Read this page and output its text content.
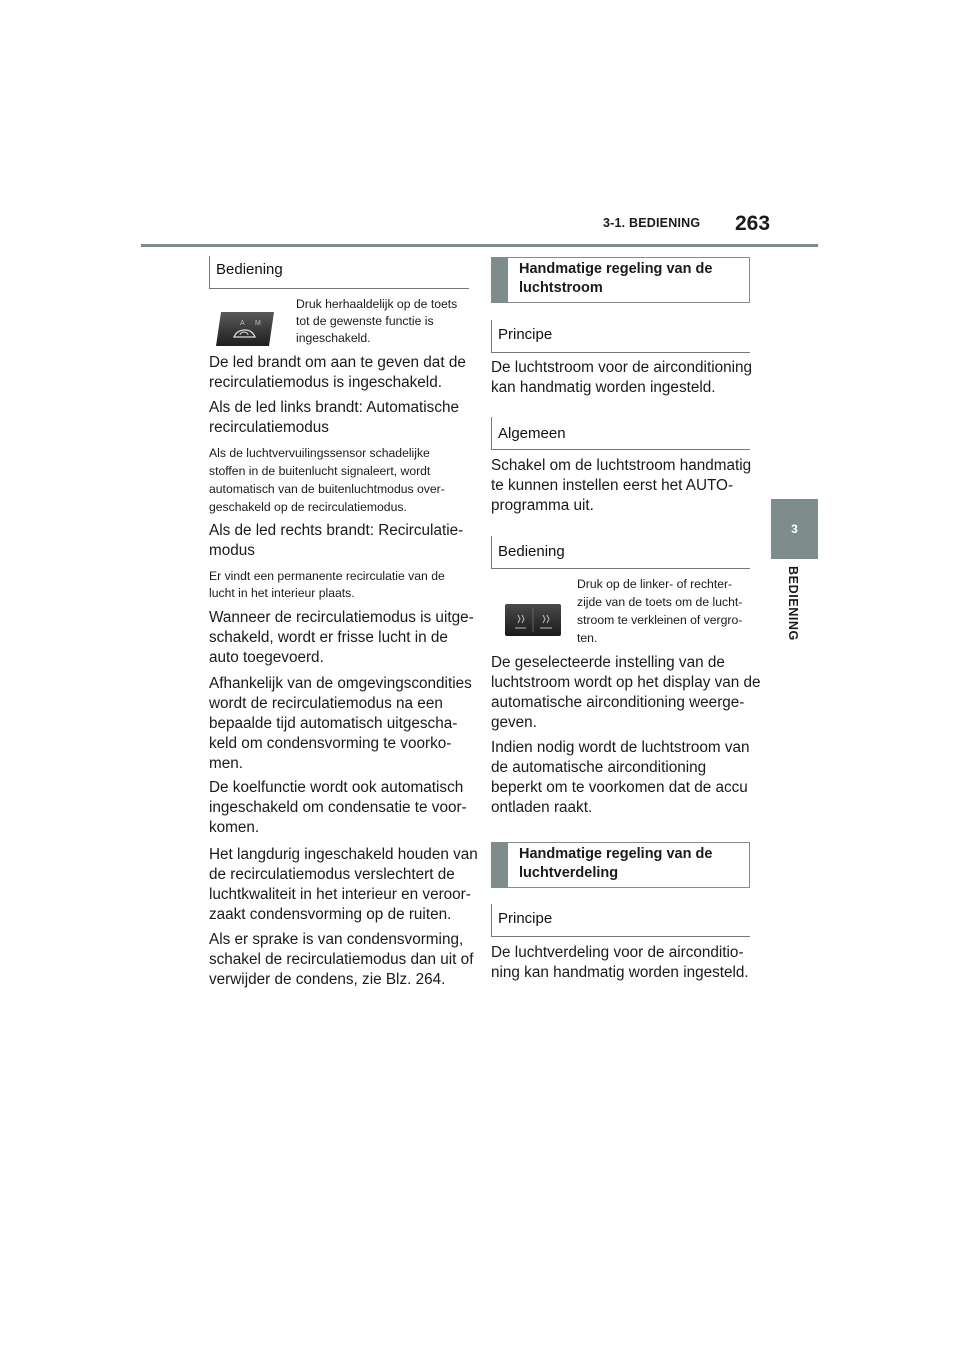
3-1. BEDIENING 263
3
BEDIENING
Bediening
A M

Druk herhaaldelijk op de toets

tot de gewenste functie is

ingeschakeld.

De led brandt om aan te geven dat de

recirculatiemodus is ingeschakeld.

Als de led links brandt: Automatische

recirculatiemodus

Als de luchtvervuilingssensor schadelijke

stoffen in de buitenlucht signaleert, wordt

automatisch van de buitenluchtmodus over-

geschakeld op de recirculatiemodus.

Als de led rechts brandt: Recirculatie-

modus

Er vindt een permanente recirculatie van de

lucht in het interieur plaats.

Wanneer de recirculatiemodus is uitge-

schakeld, wordt er frisse lucht in de

auto toegevoerd.

Afhankelijk van de omgevingscondities

wordt de recirculatiemodus na een

bepaalde tijd automatisch uitgescha-

keld om condensvorming te voorko-

men.

De koelfunctie wordt ook automatisch

ingeschakeld om condensatie te voor-

komen.

Het langdurig ingeschakeld houden van

de recirculatiemodus verslechtert de

luchtkwaliteit in het interieur en veroor-

zaakt condensvorming op de ruiten.

Als er sprake is van condensvorming,

schakel de recirculatiemodus dan uit of

verwijder de condens, zie Blz. 264.

Handmatige regeling van de
luchtstroom
Principe

De luchtstroom voor de airconditioning

kan handmatig worden ingesteld.

Algemeen

Schakel om de luchtstroom handmatig

te kunnen instellen eerst het AUTO-

programma uit.

Bediening

Druk op de linker- of rechter-

zijde van de toets om de lucht-

stroom te verkleinen of vergro-

ten.

De geselecteerde instelling van de

luchtstroom wordt op het display van de

automatische airconditioning weerge-

geven.

Indien nodig wordt de luchtstroom van

de automatische airconditioning

beperkt om te voorkomen dat de accu

ontladen raakt.

Handmatige regeling van de
luchtverdeling
Principe

De luchtverdeling voor de airconditio-

ning kan handmatig worden ingesteld.
